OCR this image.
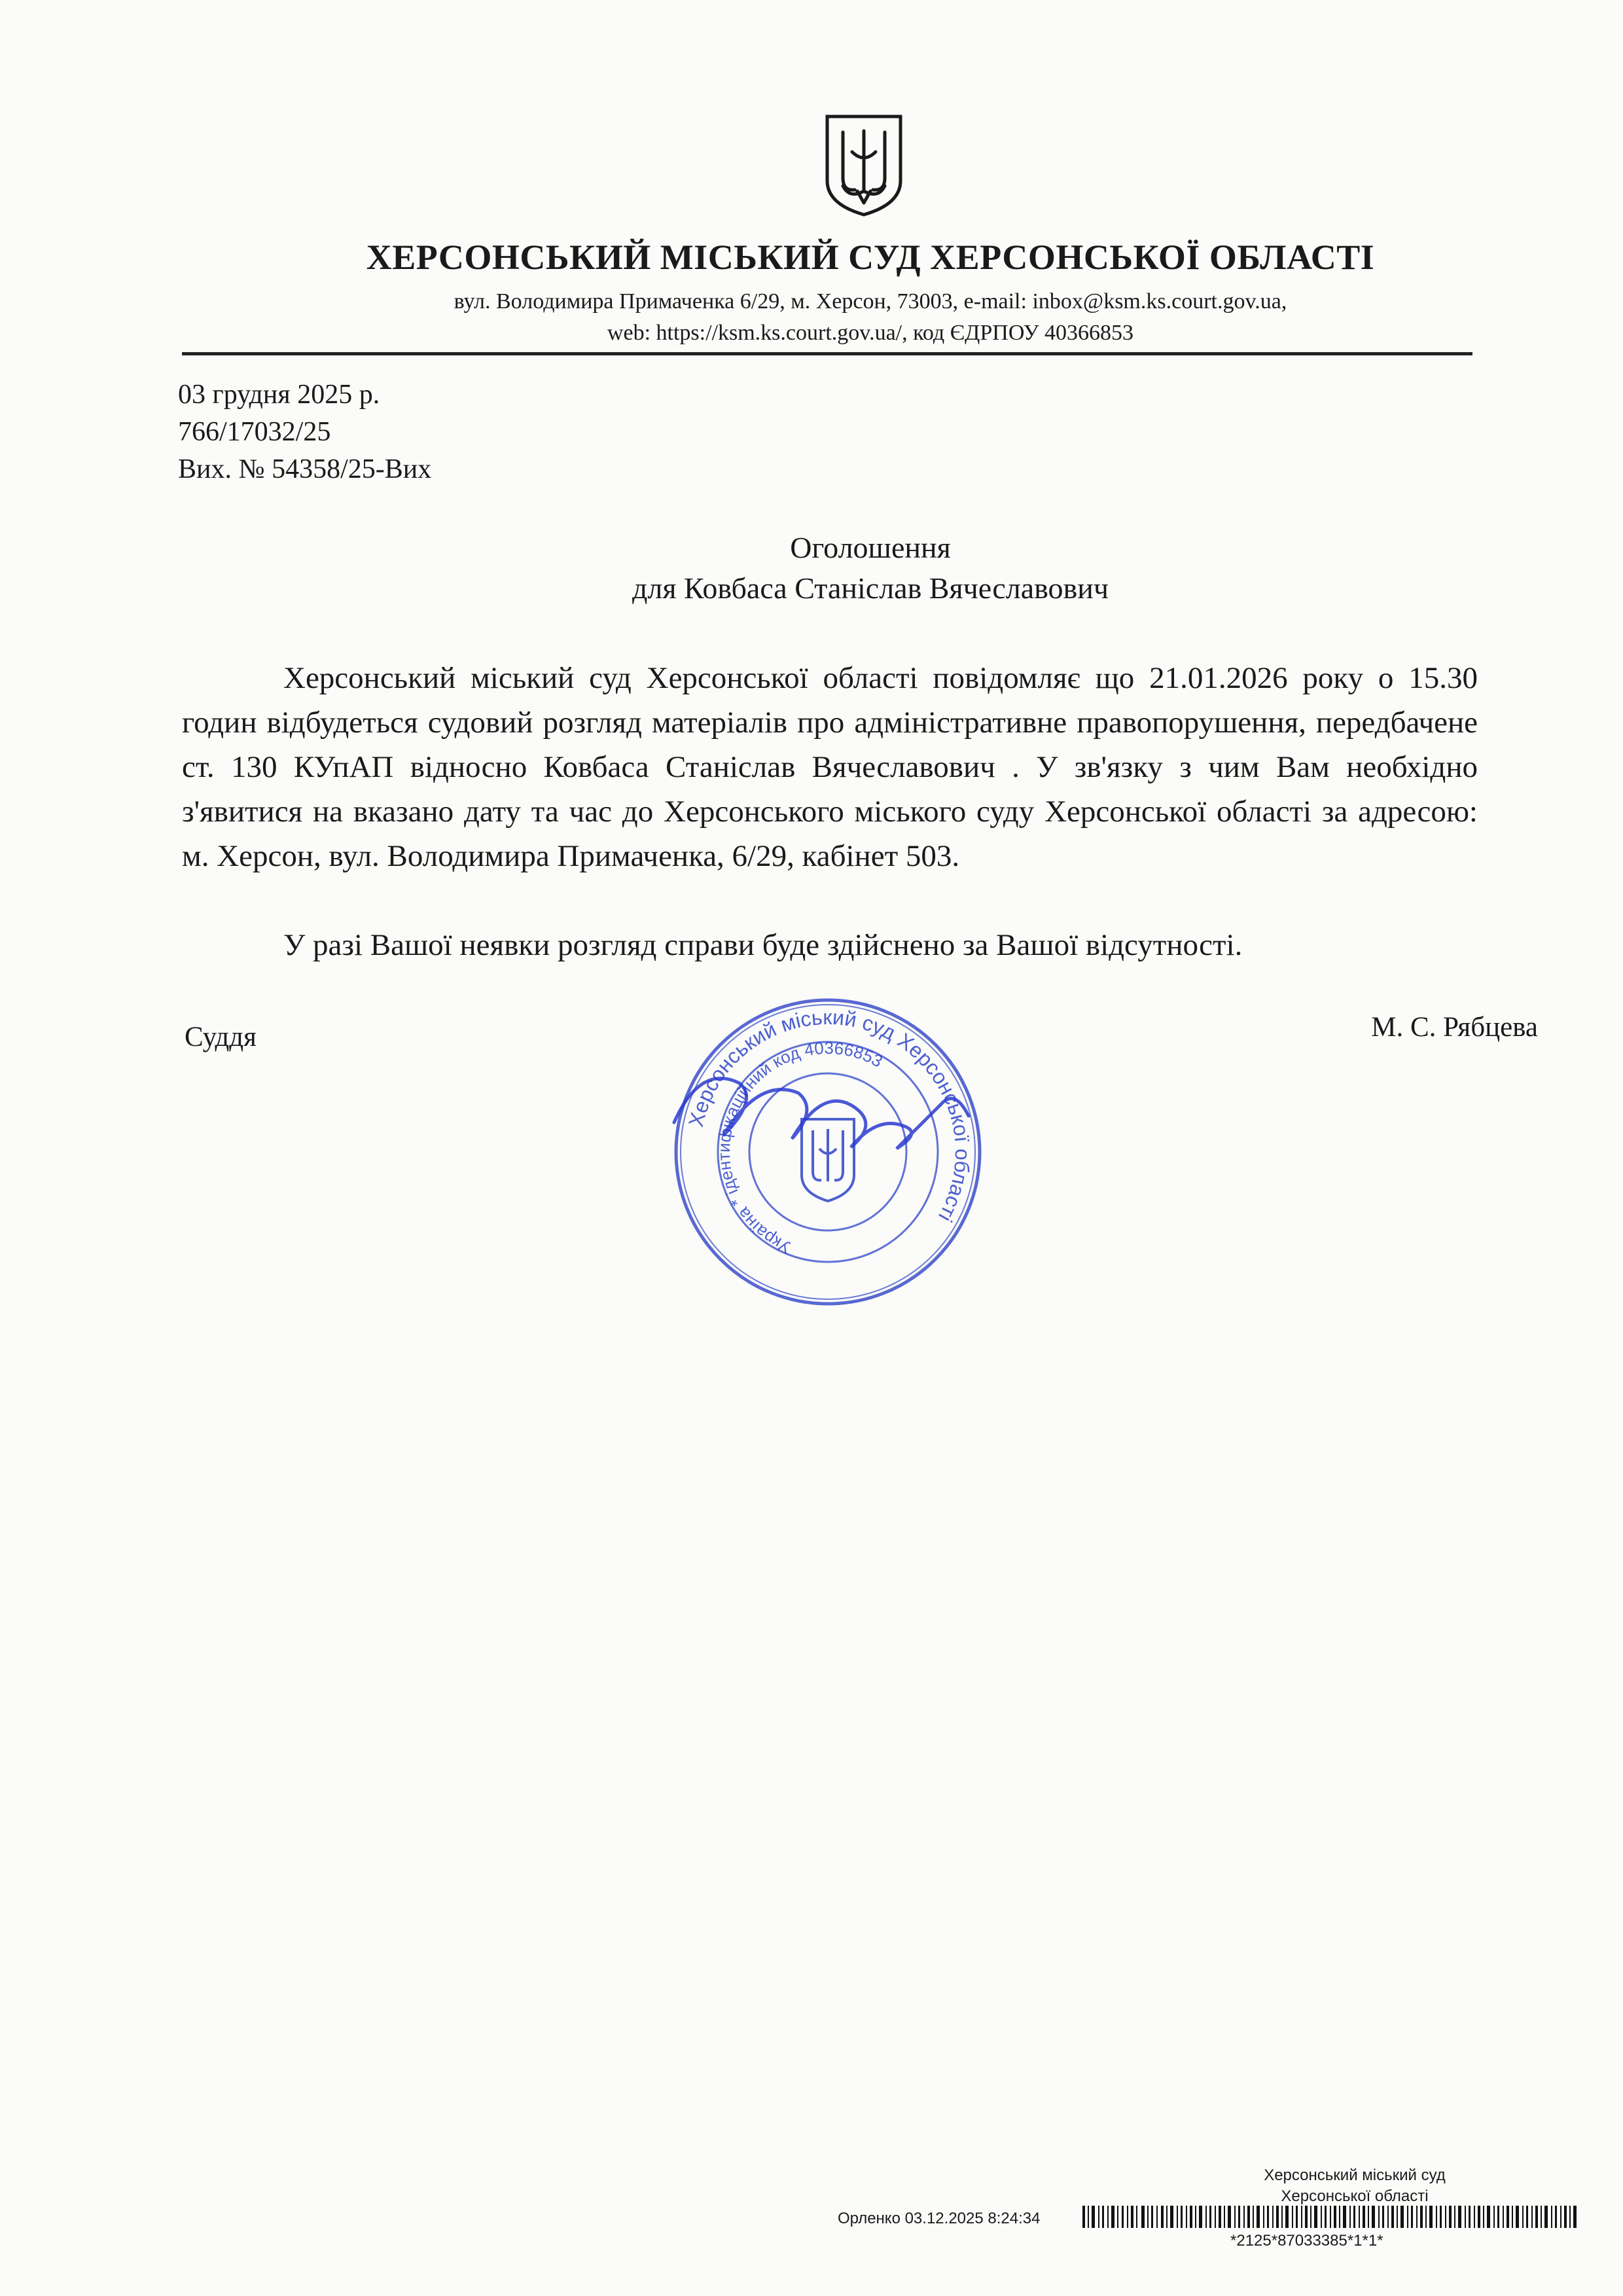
ХЕРСОНСЬКИЙ МІСЬКИЙ СУД ХЕРСОНСЬКОЇ ОБЛАСТІ
вул. Володимира Примаченка 6/29, м. Херсон, 73003, e-mail: inbox@ksm.ks.court.gov.ua,
web: https://ksm.ks.court.gov.ua/, код ЄДРПОУ 40366853
03 грудня 2025 р.
766/17032/25
Вих. № 54358/25-Вих
Оголошення
для Ковбаса Станіслав Вячеславович
Херсонський міський суд Херсонської області повідомляє що 21.01.2026 року о 15.30 годин відбудеться судовий розгляд матеріалів про адміністративне правопорушення, передбачене ст. 130 КУпАП відносно Ковбаса Станіслав Вячеславович . У зв'язку з чим Вам необхідно з'явитися на вказано дату та час до Херсонського міського суду Херсонської області за адресою: м. Херсон, вул. Володимира Примаченка, 6/29, кабінет 503.
У разі Вашої неявки розгляд справи буде здійснено за Вашої відсутності.
Суддя	М. С. Рябцева
Херсонський міський суд Херсонської області
Україна * ідентифікаційний код 40366853
Херсонський міський суд
Херсонської області
Орленко 03.12.2025 8:24:34
*2125*87033385*1*1*
